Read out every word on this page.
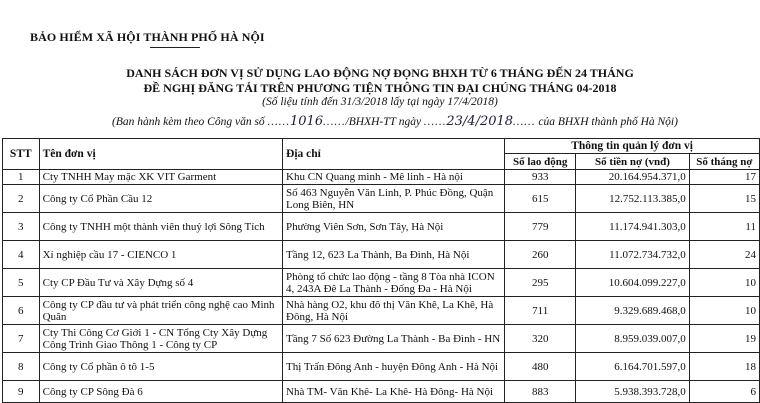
BẢO HIỂM XÃ HỘI THÀNH PHỐ HÀ NỘI
DANH SÁCH ĐƠN VỊ SỬ DỤNG LAO ĐỘNG NỢ ĐỌNG BHXH TỪ 6 THÁNG ĐẾN 24 THÁNG
ĐỀ NGHỊ ĐĂNG TẢI TRÊN PHƯƠNG TIỆN THÔNG TIN ĐẠI CHÚNG THÁNG 04-2018
(Số liệu tính đến 31/3/2018 lấy tại ngày 17/4/2018)
(Ban hành kèm theo Công văn số ……1016……/BHXH-TT ngày ……23/4/2018…… của BHXH thành phố Hà Nội)
STT	Tên đơn vị	Địa chỉ	Thông tin quản lý đơn vị		
			Số lao động	Số tiền nợ (vnđ)	Số tháng nợ
1	Cty TNHH May mặc XK VIT Garment	Khu CN Quang minh - Mê linh - Hà nội	933	20.164.954.371,0	17
2	Công ty Cổ Phần Cầu 12	Số 463 Nguyễn Văn Linh, P. Phúc Đồng, Quận Long Biên, HN	615	12.752.113.385,0	15
3	Công ty TNHH một thành viên thuỷ lợi Sông Tích	Phường Viên Sơn, Sơn Tây, Hà Nội	779	11.174.941.303,0	11
4	Xí nghiệp cầu 17 - CIENCO 1	Tầng 12, 623 La Thành, Ba Đình, Hà Nội	260	11.072.734.732,0	24
5	Cty CP Đầu Tư và Xây Dựng số 4	Phòng tổ chức lao động - tầng 8 Tòa nhà ICON 4, 243A Đê La Thành - Đống Đa - Hà Nội	295	10.604.099.227,0	10
6	Công ty CP đầu tư và phát triển công nghệ cao Minh Quân	Nhà hàng O2, khu đô thị Văn Khê, La Khê, Hà Đông, Hà Nội	711	9.329.689.468,0	10
7	Cty Thi Công Cơ Giới 1 - CN Tổng Cty Xây Dựng Công Trình Giao Thông 1 - Công ty CP	Tầng 7 Số 623 Đường La Thành - Ba Đình - HN	320	8.959.039.007,0	19
8	Công ty Cổ phần ô tô 1-5	Thị Trấn Đông Anh - huyện Đông Anh - Hà Nội	480	6.164.701.597,0	18
9	Công ty CP Sông Đà 6	Nhà TM- Văn Khê- La Khê- Hà Đông- Hà Nội	883	5.938.393.728,0	6
